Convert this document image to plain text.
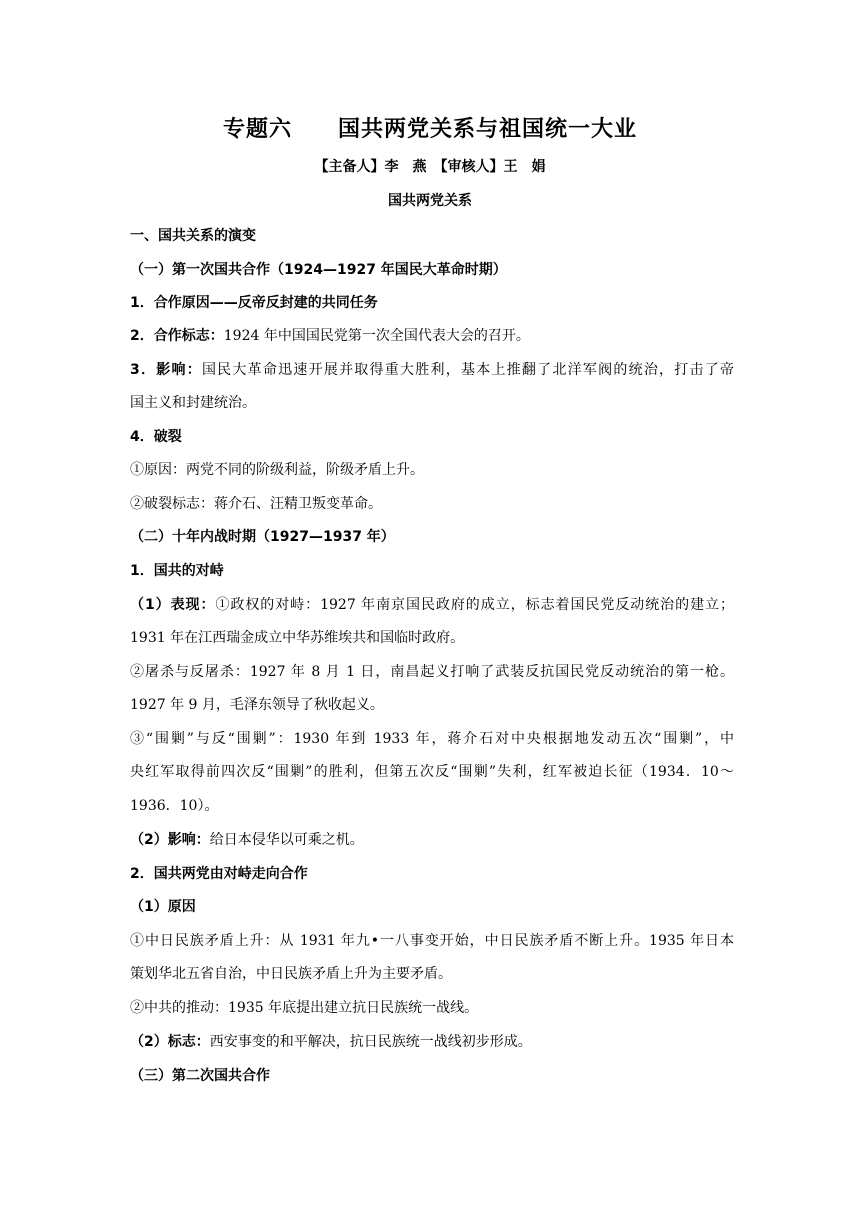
专题六　　国共两党关系与祖国统一大业
【主备人】李　燕　【审核人】王　娟
国共两党关系
一、国共关系的演变
（一）第一次国共合作（1924—1927 年国民大革命时期）
1．合作原因——反帝反封建的共同任务
2．合作标志：1924 年中国国民党第一次全国代表大会的召开。
3．影响：国民大革命迅速开展并取得重大胜利，基本上推翻了北洋军阀的统治，打击了帝
国主义和封建统治。
4．破裂
①原因：两党不同的阶级利益，阶级矛盾上升。
②破裂标志：蒋介石、汪精卫叛变革命。
（二）十年内战时期（1927—1937 年）
1．国共的对峙
（1）表现：①政权的对峙：1927 年南京国民政府的成立，标志着国民党反动统治的建立；
1931 年在江西瑞金成立中华苏维埃共和国临时政府。
②屠杀与反屠杀：1927 年 8 月 1 日，南昌起义打响了武装反抗国民党反动统治的第一枪。
1927 年 9 月，毛泽东领导了秋收起义。
③“围剿”与反“围剿”：1930 年到 1933 年，蒋介石对中央根据地发动五次“围剿”，中
央红军取得前四次反“围剿”的胜利，但第五次反“围剿”失利，红军被迫长征（1934．10～
1936．10）。
（2）影响：给日本侵华以可乘之机。
2．国共两党由对峙走向合作
（1）原因
①中日民族矛盾上升：从 1931 年九•一八事变开始，中日民族矛盾不断上升。1935 年日本
策划华北五省自治，中日民族矛盾上升为主要矛盾。
②中共的推动：1935 年底提出建立抗日民族统一战线。
（2）标志：西安事变的和平解决，抗日民族统一战线初步形成。
（三）第二次国共合作
